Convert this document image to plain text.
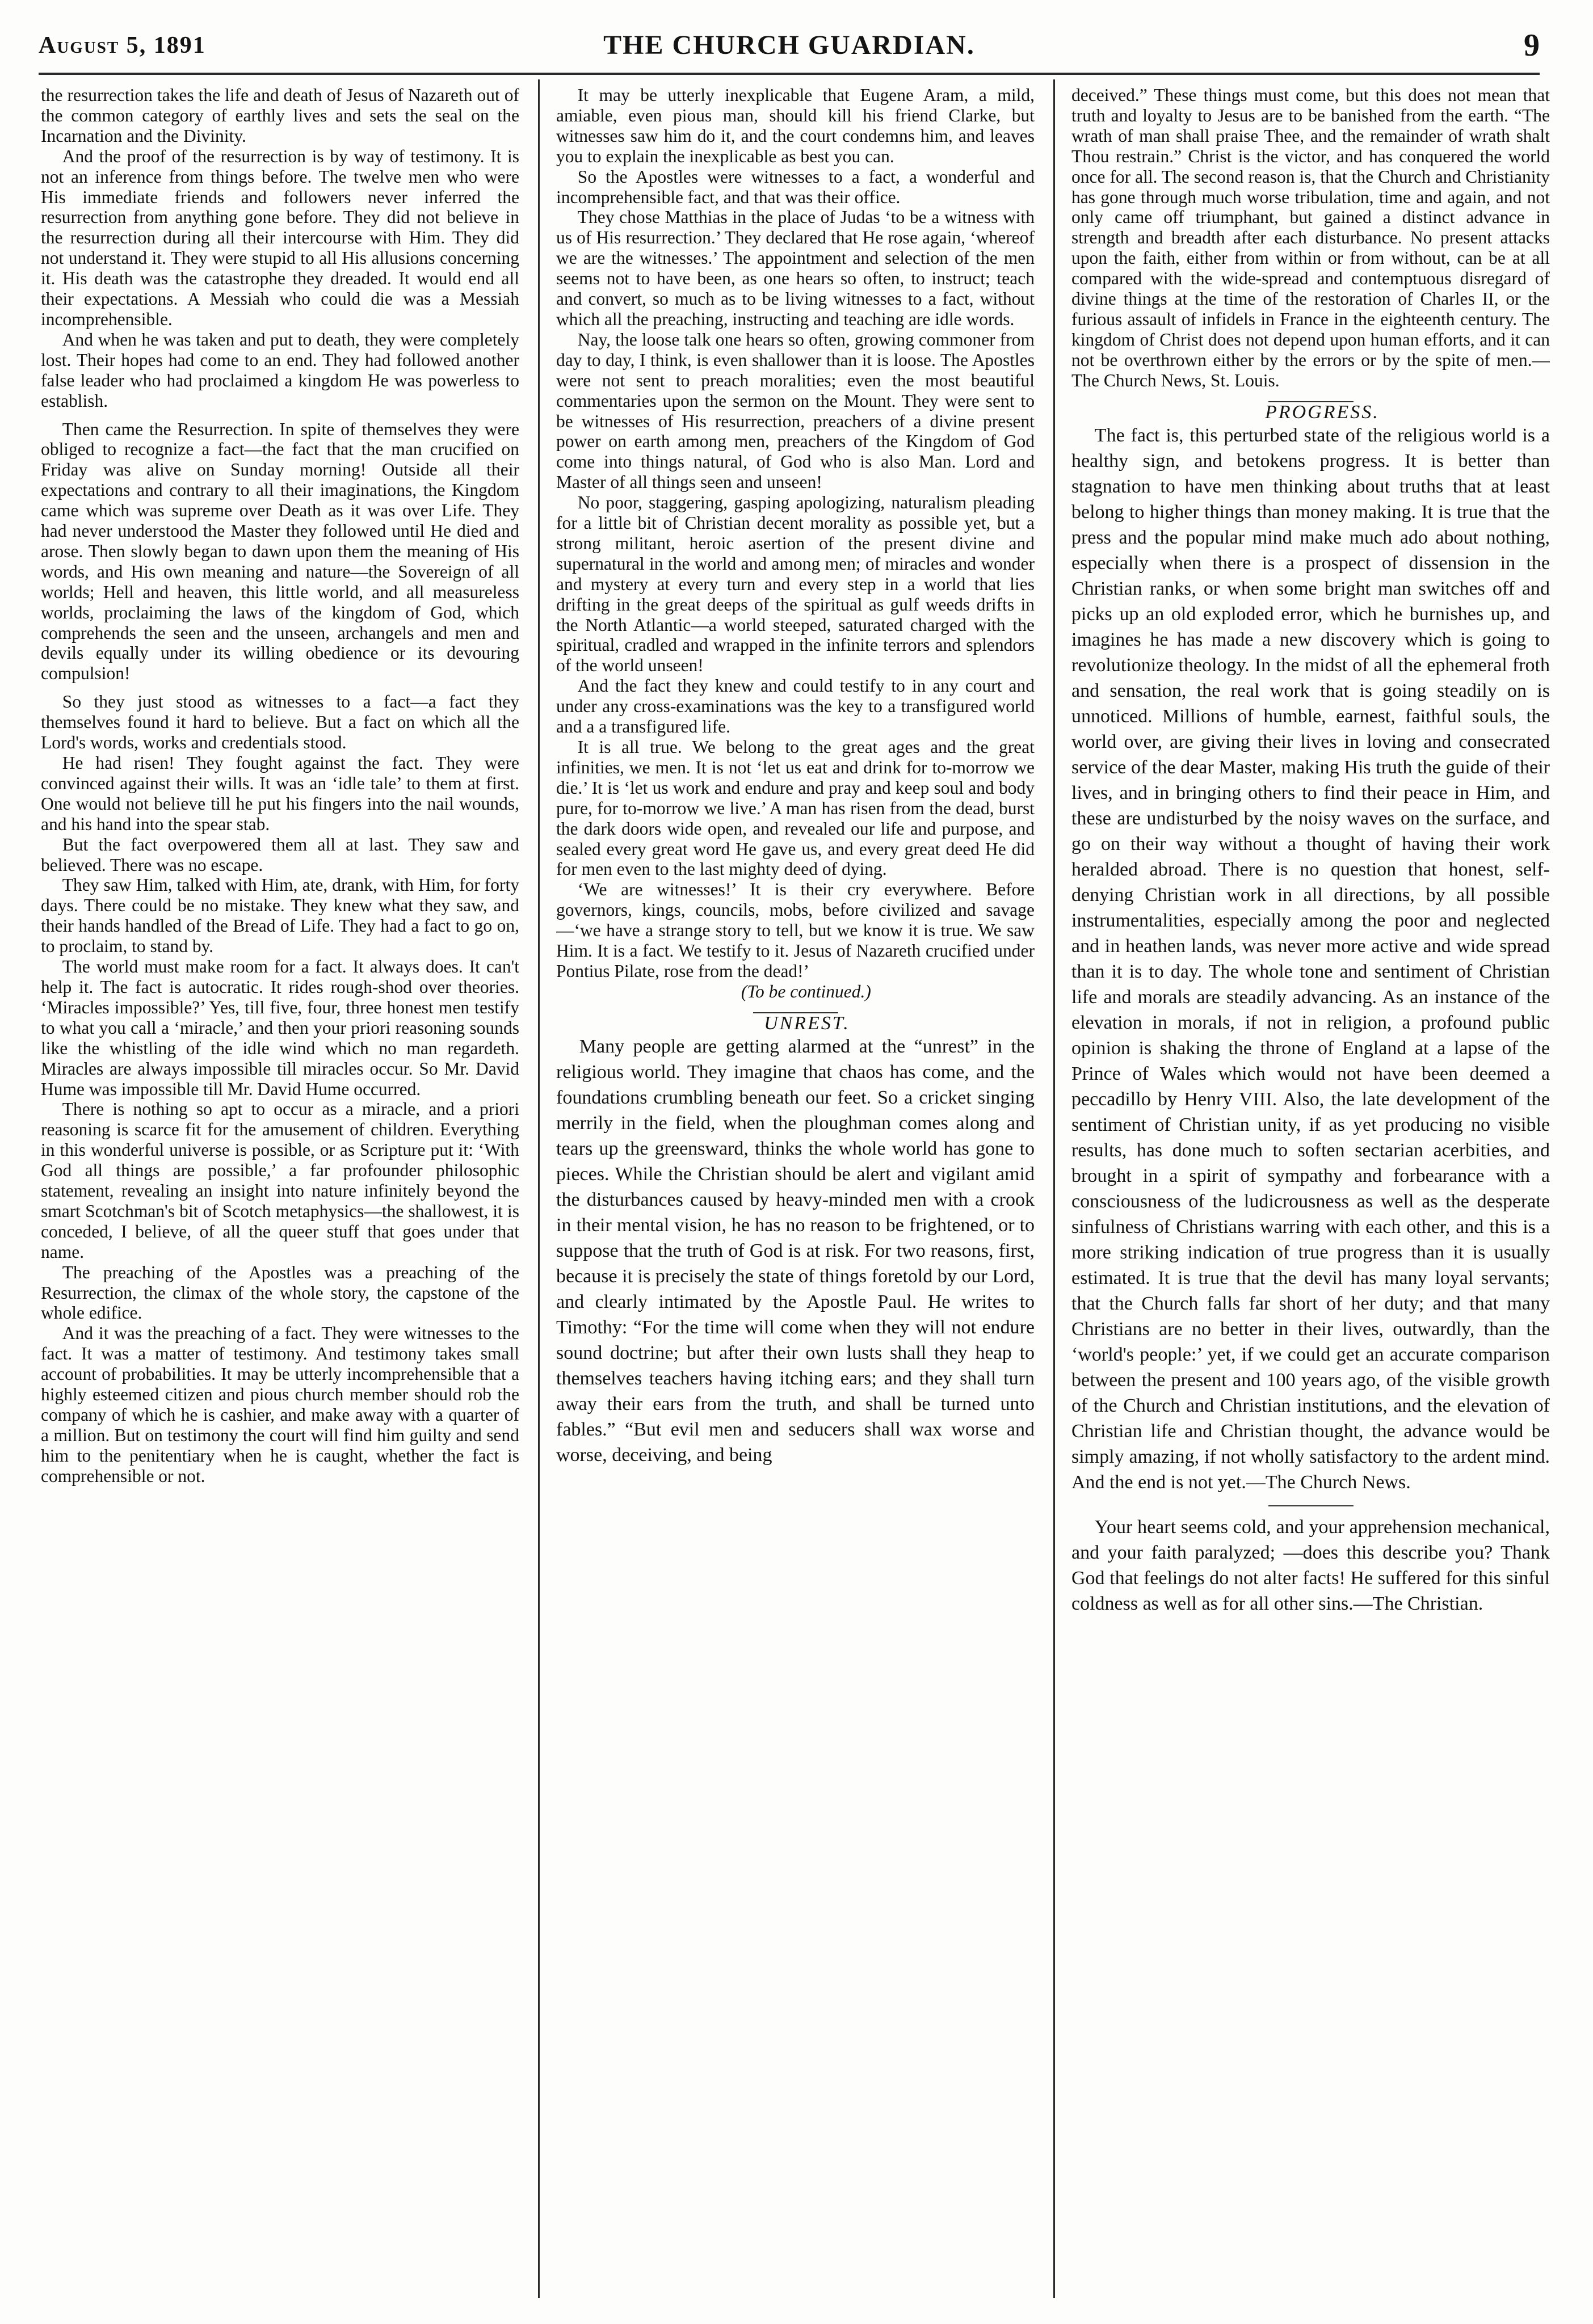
August 5, 1891	THE CHURCH GUARDIAN.	9

the resurrection takes the life and death of Jesus of Nazareth out of the common category of earthly lives and sets the seal on the Incarnation and the Divinity.

And the proof of the resurrection is by way of testimony. It is not an inference from things before. The twelve men who were His immediate friends and followers never inferred the resurrection from anything gone before. They did not believe in the resurrection during all their intercourse with Him. They did not understand it. They were stupid to all His allusions concerning it. His death was the catastrophe they dreaded. It would end all their expectations. A Messiah who could die was a Messiah incomprehensible.

And when he was taken and put to death, they were completely lost. Their hopes had come to an end. They had followed another false leader who had proclaimed a kingdom He was powerless to establish.

Then came the Resurrection. In spite of themselves they were obliged to recognize a fact—the fact that the man crucified on Friday was alive on Sunday morning! Outside all their expectations and contrary to all their imaginations, the Kingdom came which was supreme over Death as it was over Life. They had never understood the Master they followed until He died and arose. Then slowly began to dawn upon them the meaning of His words, and His own meaning and nature—the Sovereign of all worlds; Hell and heaven, this little world, and all measureless worlds, proclaiming the laws of the kingdom of God, which comprehends the seen and the unseen, archangels and men and devils equally under its willing obedience or its devouring compulsion!

So they just stood as witnesses to a fact—a fact they themselves found it hard to believe. But a fact on which all the Lord's words, works and credentials stood.

He had risen! They fought against the fact. They were convinced against their wills. It was an ‘idle tale’ to them at first. One would not believe till he put his fingers into the nail wounds, and his hand into the spear stab.

But the fact overpowered them all at last. They saw and believed. There was no escape.

They saw Him, talked with Him, ate, drank, with Him, for forty days. There could be no mistake. They knew what they saw, and their hands handled of the Bread of Life. They had a fact to go on, to proclaim, to stand by.

The world must make room for a fact. It always does. It can't help it. The fact is autocratic. It rides rough-shod over theories. ‘Miracles impossible?’ Yes, till five, four, three honest men testify to what you call a ‘miracle,’ and then your priori reasoning sounds like the whistling of the idle wind which no man regardeth. Miracles are always impossible till miracles occur. So Mr. David Hume was impossible till Mr. David Hume occurred.

There is nothing so apt to occur as a miracle, and a priori reasoning is scarce fit for the amusement of children. Everything in this wonderful universe is possible, or as Scripture put it: ‘With God all things are possible,’ a far profounder philosophic statement, revealing an insight into nature infinitely beyond the smart Scotchman's bit of Scotch metaphysics—the shallowest, it is conceded, I believe, of all the queer stuff that goes under that name.

The preaching of the Apostles was a preaching of the Resurrection, the climax of the whole story, the capstone of the whole edifice.

And it was the preaching of a fact. They were witnesses to the fact. It was a matter of testimony. And testimony takes small account of probabilities. It may be utterly incomprehensible that a highly esteemed citizen and pious church member should rob the company of which he is cashier, and make away with a quarter of a million. But on testimony the court will find him guilty and send him to the penitentiary when he is caught, whether the fact is comprehensible or not.

It may be utterly inexplicable that Eugene Aram, a mild, amiable, even pious man, should kill his friend Clarke, but witnesses saw him do it, and the court condemns him, and leaves you to explain the inexplicable as best you can.

So the Apostles were witnesses to a fact, a wonderful and incomprehensible fact, and that was their office.

They chose Matthias in the place of Judas ‘to be a witness with us of His resurrection.’ They declared that He rose again, ‘whereof we are the witnesses.’ The appointment and selection of the men seems not to have been, as one hears so often, to instruct; teach and convert, so much as to be living witnesses to a fact, without which all the preaching, instructing and teaching are idle words.

Nay, the loose talk one hears so often, growing commoner from day to day, I think, is even shallower than it is loose. The Apostles were not sent to preach moralities; even the most beautiful commentaries upon the sermon on the Mount. They were sent to be witnesses of His resurrection, preachers of a divine present power on earth among men, preachers of the Kingdom of God come into things natural, of God who is also Man. Lord and Master of all things seen and unseen!

No poor, staggering, gasping apologizing, naturalism pleading for a little bit of Christian decent morality as possible yet, but a strong militant, heroic asertion of the present divine and supernatural in the world and among men; of miracles and wonder and mystery at every turn and every step in a world that lies drifting in the great deeps of the spiritual as gulf weeds drifts in the North Atlantic—a world steeped, saturated charged with the spiritual, cradled and wrapped in the infinite terrors and splendors of the world unseen!

And the fact they knew and could testify to in any court and under any cross-examinations was the key to a transfigured world and a a transfigured life.

It is all true. We belong to the great ages and the great infinities, we men. It is not ‘let us eat and drink for to-morrow we die.’ It is ‘let us work and endure and pray and keep soul and body pure, for to-morrow we live.’ A man has risen from the dead, burst the dark doors wide open, and revealed our life and purpose, and sealed every great word He gave us, and every great deed He did for men even to the last mighty deed of dying.

‘We are witnesses!’ It is their cry everywhere. Before governors, kings, councils, mobs, before civilized and savage—‘we have a strange story to tell, but we know it is true. We saw Him. It is a fact. We testify to it. Jesus of Nazareth crucified under Pontius Pilate, rose from the dead!’

(To be continued.)

UNREST.

Many people are getting alarmed at the “unrest” in the religious world. They imagine that chaos has come, and the foundations crumbling beneath our feet. So a cricket singing merrily in the field, when the ploughman comes along and tears up the greensward, thinks the whole world has gone to pieces. While the Christian should be alert and vigilant amid the disturbances caused by heavy-minded men with a crook in their mental vision, he has no reason to be frightened, or to suppose that the truth of God is at risk. For two reasons, first, because it is precisely the state of things foretold by our Lord, and clearly intimated by the Apostle Paul. He writes to Timothy: “For the time will come when they will not endure sound doctrine; but after their own lusts shall they heap to themselves teachers having itching ears; and they shall turn away their ears from the truth, and shall be turned unto fables.” “But evil men and seducers shall wax worse and worse, deceiving, and being

deceived.” These things must come, but this does not mean that truth and loyalty to Jesus are to be banished from the earth. “The wrath of man shall praise Thee, and the remainder of wrath shalt Thou restrain.” Christ is the victor, and has conquered the world once for all. The second reason is, that the Church and Christianity has gone through much worse tribulation, time and again, and not only came off triumphant, but gained a distinct advance in strength and breadth after each disturbance. No present attacks upon the faith, either from within or from without, can be at all compared with the wide-spread and contemptuous disregard of divine things at the time of the restoration of Charles II, or the furious assault of infidels in France in the eighteenth century. The kingdom of Christ does not depend upon human efforts, and it can not be overthrown either by the errors or by the spite of men.—The Church News, St. Louis.

PROGRESS.

The fact is, this perturbed state of the religious world is a healthy sign, and betokens progress. It is better than stagnation to have men thinking about truths that at least belong to higher things than money making. It is true that the press and the popular mind make much ado about nothing, especially when there is a prospect of dissension in the Christian ranks, or when some bright man switches off and picks up an old exploded error, which he burnishes up, and imagines he has made a new discovery which is going to revolutionize theology. In the midst of all the ephemeral froth and sensation, the real work that is going steadily on is unnoticed. Millions of humble, earnest, faithful souls, the world over, are giving their lives in loving and consecrated service of the dear Master, making His truth the guide of their lives, and in bringing others to find their peace in Him, and these are undisturbed by the noisy waves on the surface, and go on their way without a thought of having their work heralded abroad. There is no question that honest, self-denying Christian work in all directions, by all possible instrumentalities, especially among the poor and neglected and in heathen lands, was never more active and wide spread than it is to day. The whole tone and sentiment of Christian life and morals are steadily advancing. As an instance of the elevation in morals, if not in religion, a profound public opinion is shaking the throne of England at a lapse of the Prince of Wales which would not have been deemed a peccadillo by Henry VIII. Also, the late development of the sentiment of Christian unity, if as yet producing no visible results, has done much to soften sectarian acerbities, and brought in a spirit of sympathy and forbearance with a consciousness of the ludicrousness as well as the desperate sinfulness of Christians warring with each other, and this is a more striking indication of true progress than it is usually estimated. It is true that the devil has many loyal servants; that the Church falls far short of her duty; and that many Christians are no better in their lives, outwardly, than the ‘world's people:’ yet, if we could get an accurate comparison between the present and 100 years ago, of the visible growth of the Church and Christian institutions, and the elevation of Christian life and Christian thought, the advance would be simply amazing, if not wholly satisfactory to the ardent mind. And the end is not yet.—The Church News.

Your heart seems cold, and your apprehension mechanical, and your faith paralyzed; —does this describe you? Thank God that feelings do not alter facts! He suffered for this sinful coldness as well as for all other sins.—The Christian.
